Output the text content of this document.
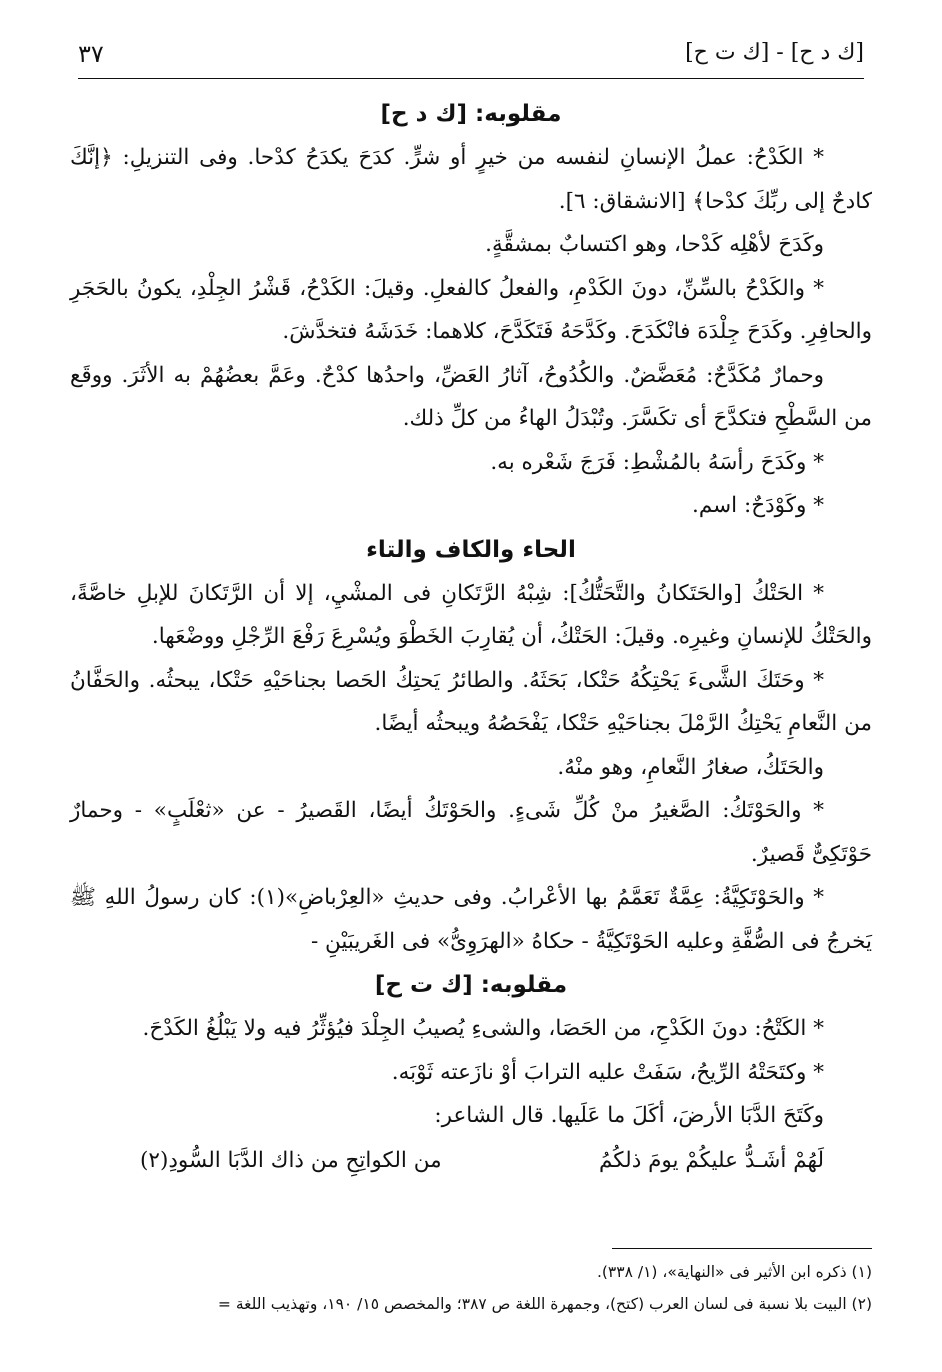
[ك د ح] - [ك ت ح]
٣٧
مقلوبه: [ك د ح]

* الكَدْحُ: عملُ الإنسانِ لنفسه من خيرٍ أو شرٍّ. كدَحَ يكدَحُ كدْحا. وفى التنزيلِ: ﴿إنَّكَ كادحٌ إلى ربِّكَ كدْحا﴾ [الانشقاق: ٦].

وكَدَحَ لأهْلِه كَدْحا، وهو اكتسابٌ بمشقَّةٍ.

* والكَدْحُ بالسِّنِّ، دونَ الكَدْمِ، والفعلُ كالفعلِ. وقيلَ: الكَدْحُ، قَشْرُ الجِلْدِ، يكونُ بالحَجَرِ والحافِرِ. وكَدَحَ جِلْدَهَ فانْكَدَحَ. وكَدَّحَهُ فَتَكَدَّحَ، كلاهما: خَدَشَهُ فتخدَّشَ.

وحمارٌ مُكَدَّحٌ: مُعَضَّضٌ. والكُدُوحُ، آثارُ العَضِّ، واحدُها كدْحٌ. وعَمَّ بعضُهُمْ به الأثَرَ. ووقَع من السَّطْحِ فتكدَّحَ أى تكَسَّرَ. وتُبْدَلُ الهاءُ من كلِّ ذلك.

* وكَدَحَ رأسَهُ بالمُشْطِ: فَرَجَ شَعْره به.

* وكَوْدَحٌ: اسم.

الحاء والكاف والتاء

* الحَتْكُ [والحَتَكانُ والتَّحَتُّكُ]: شِبْهُ الرَّتَكانِ فى المشْيِ، إلا أن الرَّتَكانَ للإبلِ خاصَّةً، والحَتْكُ للإنسانِ وغيرِه. وقيلَ: الحَتْكُ، أن يُقارِبَ الخَطْوَ ويُسْرِعَ رَفْعَ الرِّجْلِ ووضْعَها.

* وحَتَكَ الشَّىءَ يَحْتِكُهُ حَتْكا، بَحَثَهُ. والطائرُ يَحتِكُ الحَصا بجناحَيْهِ حَتْكا، يبحثُه. والحَفَّانُ من النَّعامِ يَحْتِكُ الرَّمْلَ بجناحَيْهِ حَتْكا، يَفْحَصُهُ ويبحثُه أيضًا.

والحَتَكُ، صغارُ النَّعامِ، وهو منْهُ.

* والحَوْتَكُ: الصَّغيرُ منْ كُلِّ شَىءٍ. والحَوْتَكُ أيضًا، القَصيرُ - عن «ثعْلَبٍ» - وحمارٌ حَوْتَكِىٌّ قَصيرٌ.

* والحَوْتَكِيَّةُ: عِمَّةٌ تَعَمَّمُ بها الأعْرابُ. وفى حديثِ «العِرْباضِ»(١): كان رسولُ اللهِ ﷺ يَخرجُ فى الصُّفَّةِ وعليه الحَوْتَكِيَّةُ - حكاهُ «الهرَوِىُّ» فى الغَريبَيْنِ -

مقلوبه: [ك ت ح]

* الكَتْحُ: دونَ الكَدْحِ، من الحَصَا، والشىءِ يُصيبُ الجِلْدَ فيُؤثِّرُ فيه ولا يَبْلُغُ الكَدْحَ.

* وكتَحَتْهُ الرِّيحُ، سَفَتْ عليه الترابَ أوْ نازَعته ثَوْبَه.

وكَتَحَ الدَّبَا الأرضَ، أكَلَ ما عَلَيها. قال الشاعر:

لَهُمْ أشَـدُّ عليكُمْ يومَ ذلكُمُ
من الكواتِحِ من ذاك الدَّبَا السُّودِ(٢)

(١) ذكره ابن الأثير فى «النهاية»، (١/ ٣٣٨).

(٢) البيت بلا نسبة فى لسان العرب (كتح)، وجمهرة اللغة ص ٣٨٧؛ والمخصص ١٥/ ١٩٠، وتهذيب اللغة =
